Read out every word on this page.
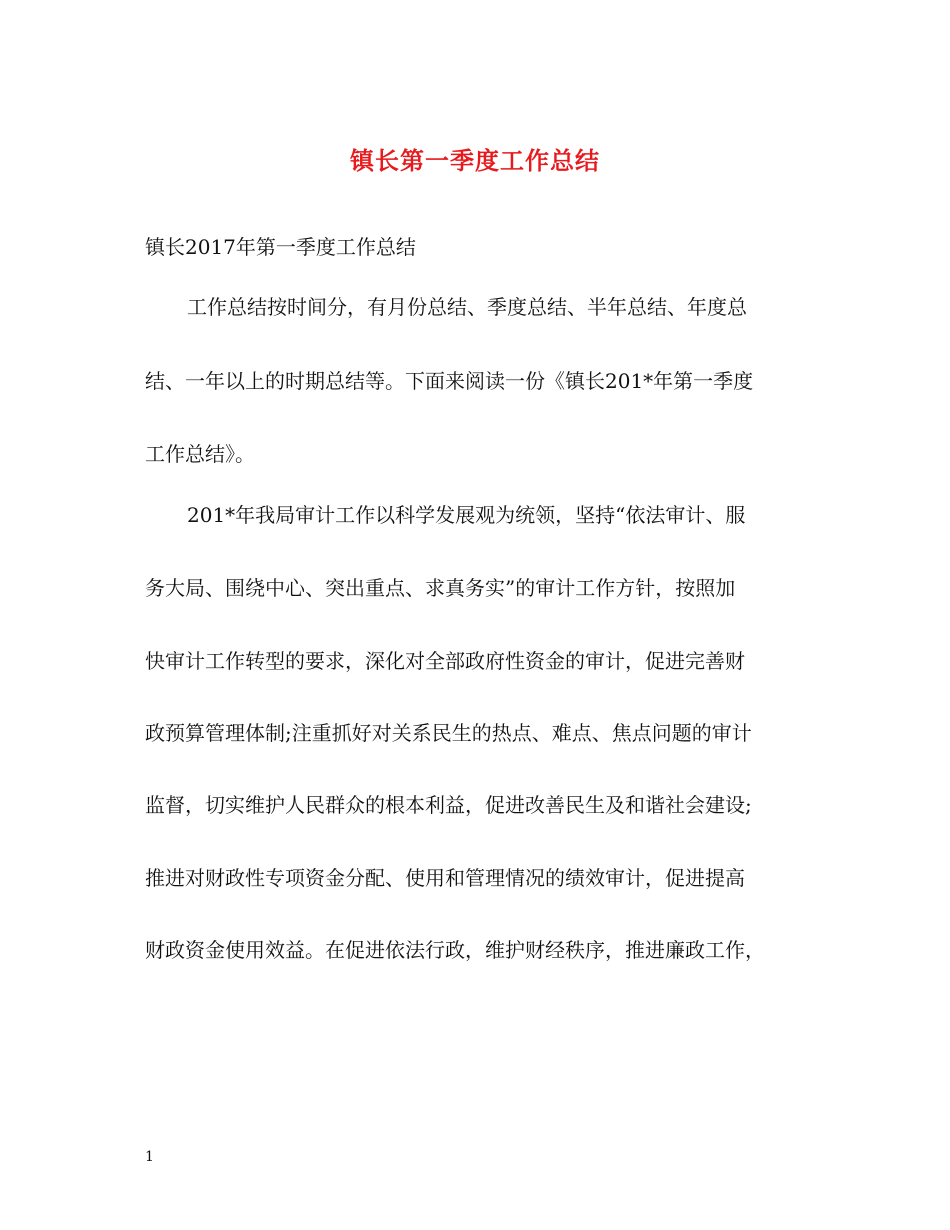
镇长第一季度工作总结
镇长2017年第一季度工作总结
工作总结按时间分，有月份总结、季度总结、半年总结、年度总
结、一年以上的时期总结等。下面来阅读一份《镇长201*年第一季度
工作总结》。
201*年我局审计工作以科学发展观为统领，坚持“依法审计、服
务大局、围绕中心、突出重点、求真务实”的审计工作方针，按照加
快审计工作转型的要求，深化对全部政府性资金的审计，促进完善财
政预算管理体制;注重抓好对关系民生的热点、难点、焦点问题的审计
监督，切实维护人民群众的根本利益，促进改善民生及和谐社会建设;
推进对财政性专项资金分配、使用和管理情况的绩效审计，促进提高
财政资金使用效益。在促进依法行政，维护财经秩序，推进廉政工作，
1
